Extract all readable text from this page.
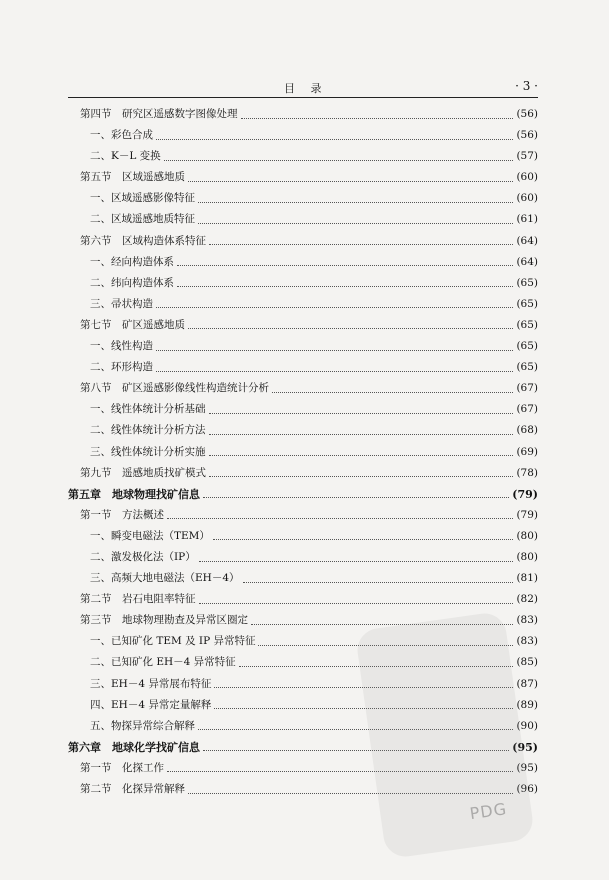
目 录	· 3 ·
第四节　研究区遥感数字图像处理	(56)
一、彩色合成	(56)
二、K－L 变换	(57)
第五节　区域遥感地质	(60)
一、区域遥感影像特征	(60)
二、区域遥感地质特征	(61)
第六节　区域构造体系特征	(64)
一、经向构造体系	(64)
二、纬向构造体系	(65)
三、帚状构造	(65)
第七节　矿区遥感地质	(65)
一、线性构造	(65)
二、环形构造	(65)
第八节　矿区遥感影像线性构造统计分析	(67)
一、线性体统计分析基础	(67)
二、线性体统计分析方法	(68)
三、线性体统计分析实施	(69)
第九节　遥感地质找矿模式	(78)
第五章　地球物理找矿信息	(79)
第一节　方法概述	(79)
一、瞬变电磁法（TEM）	(80)
二、激发极化法（IP）	(80)
三、高频大地电磁法（EH－4）	(81)
第二节　岩石电阻率特征	(82)
第三节　地球物理勘查及异常区圈定	(83)
一、已知矿化 TEM 及 IP 异常特征	(83)
二、已知矿化 EH－4 异常特征	(85)
三、EH－4 异常展布特征	(87)
四、EH－4 异常定量解释	(89)
五、物探异常综合解释	(90)
第六章　地球化学找矿信息	(95)
第一节　化探工作	(95)
第二节　化探异常解释	(96)
PDG
